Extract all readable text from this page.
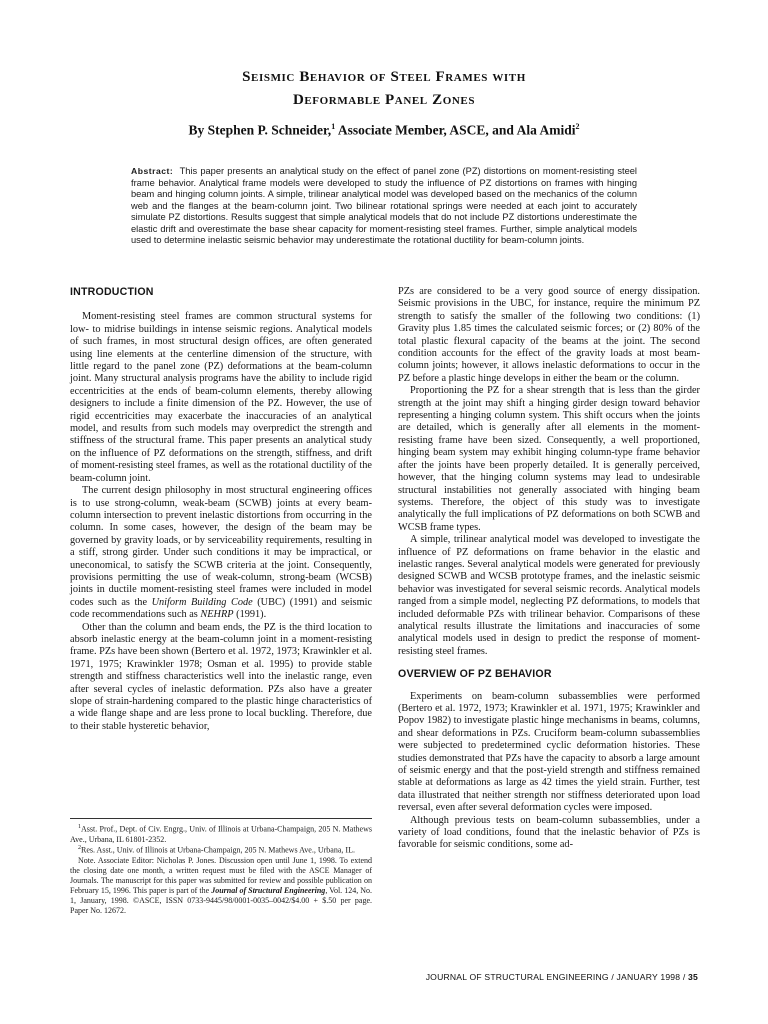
Seismic Behavior of Steel Frames with
Deformable Panel Zones
By Stephen P. Schneider,$^1$ Associate Member, ASCE, and Ala Amidi$^2$
Abstract: This paper presents an analytical study on the effect of panel zone (PZ) distortions on moment-resisting steel frame behavior. Analytical frame models were developed to study the influence of PZ distortions on frames with hinging beam and hinging column joints. A simple, trilinear analytical model was developed based on the mechanics of the column web and the flanges at the beam-column joint. Two bilinear rotational springs were needed at each joint to accurately simulate PZ distortions. Results suggest that simple analytical models that do not include PZ distortions underestimate the elastic drift and overestimate the base shear capacity for moment-resisting steel frames. Further, simple analytical models used to determine inelastic seismic behavior may underestimate the rotational ductility for beam-column joints.
INTRODUCTION

Moment-resisting steel frames are common structural systems for low- to midrise buildings in intense seismic regions. Analytical models of such frames, in most structural design offices, are often generated using line elements at the centerline dimension of the structure, with little regard to the panel zone (PZ) deformations at the beam-column joint. Many structural analysis programs have the ability to include rigid eccentricities at the ends of beam-column elements, thereby allowing designers to include a finite dimension of the PZ. However, the use of rigid eccentricities may exacerbate the inaccuracies of an analytical model, and results from such models may overpredict the strength and stiffness of the structural frame. This paper presents an analytical study on the influence of PZ deformations on the strength, stiffness, and drift of moment-resisting steel frames, as well as the rotational ductility of the beam-column joint.

The current design philosophy in most structural engineering offices is to use strong-column, weak-beam (SCWB) joints at every beam-column intersection to prevent inelastic distortions from occurring in the column. In some cases, however, the design of the beam may be governed by gravity loads, or by serviceability requirements, resulting in a stiff, strong girder. Under such conditions it may be impractical, or uneconomical, to satisfy the SCWB criteria at the joint. Consequently, provisions permitting the use of weak-column, strong-beam (WCSB) joints in ductile moment-resisting steel frames were included in model codes such as the Uniform Building Code (UBC) (1991) and seismic code recommendations such as NEHRP (1991).

Other than the column and beam ends, the PZ is the third location to absorb inelastic energy at the beam-column joint in a moment-resisting frame. PZs have been shown (Bertero et al. 1972, 1973; Krawinkler et al. 1971, 1975; Krawinkler 1978; Osman et al. 1995) to provide stable strength and stiffness characteristics well into the inelastic range, even after several cycles of inelastic deformation. PZs also have a greater slope of strain-hardening compared to the plastic hinge characteristics of a wide flange shape and are less prone to local buckling. Therefore, due to their stable hysteretic behavior,

$^1$Asst. Prof., Dept. of Civ. Engrg., Univ. of Illinois at Urbana-Champaign, 205 N. Mathews Ave., Urbana, IL 61801-2352.

$^2$Res. Asst., Univ. of Illinois at Urbana-Champaign, 205 N. Mathews Ave., Urbana, IL.

Note. Associate Editor: Nicholas P. Jones. Discussion open until June 1, 1998. To extend the closing date one month, a written request must be filed with the ASCE Manager of Journals. The manuscript for this paper was submitted for review and possible publication on February 15, 1996. This paper is part of the Journal of Structural Engineering, Vol. 124, No. 1, January, 1998. ©ASCE, ISSN 0733-9445/98/0001-0035–0042/$4.00 + $.50 per page. Paper No. 12672.

PZs are considered to be a very good source of energy dissipation. Seismic provisions in the UBC, for instance, require the minimum PZ strength to satisfy the smaller of the following two conditions: (1) Gravity plus 1.85 times the calculated seismic forces; or (2) 80% of the total plastic flexural capacity of the beams at the joint. The second condition accounts for the effect of the gravity loads at most beam-column joints; however, it allows inelastic deformations to occur in the PZ before a plastic hinge develops in either the beam or the column.

Proportioning the PZ for a shear strength that is less than the girder strength at the joint may shift a hinging girder design toward behavior representing a hinging column system. This shift occurs when the joints are detailed, which is generally after all elements in the moment-resisting frame have been sized. Consequently, a well proportioned, hinging beam system may exhibit hinging column-type frame behavior after the joints have been properly detailed. It is generally perceived, however, that the hinging column systems may lead to undesirable structural instabilities not generally associated with hinging beam systems. Therefore, the object of this study was to investigate analytically the full implications of PZ deformations on both SCWB and WCSB frame types.

A simple, trilinear analytical model was developed to investigate the influence of PZ deformations on frame behavior in the elastic and inelastic ranges. Several analytical models were generated for previously designed SCWB and WCSB prototype frames, and the inelastic seismic behavior was investigated for several seismic records. Analytical models ranged from a simple model, neglecting PZ deformations, to models that included deformable PZs with trilinear behavior. Comparisons of these analytical results illustrate the limitations and inaccuracies of some analytical models used in design to predict the response of moment-resisting steel frames.

OVERVIEW OF PZ BEHAVIOR

Experiments on beam-column subassemblies were performed (Bertero et al. 1972, 1973; Krawinkler et al. 1971, 1975; Krawinkler and Popov 1982) to investigate plastic hinge mechanisms in beams, columns, and shear deformations in PZs. Cruciform beam-column subassemblies were subjected to predetermined cyclic deformation histories. These studies demonstrated that PZs have the capacity to absorb a large amount of seismic energy and that the post-yield strength and stiffness remained stable at deformations as large as 42 times the yield strain. Further, test data illustrated that neither strength nor stiffness deteriorated upon load reversal, even after several deformation cycles were imposed.

Although previous tests on beam-column subassemblies, under a variety of load conditions, found that the inelastic behavior of PZs is favorable for seismic conditions, some ad-

JOURNAL OF STRUCTURAL ENGINEERING / JANUARY 1998 / 35
